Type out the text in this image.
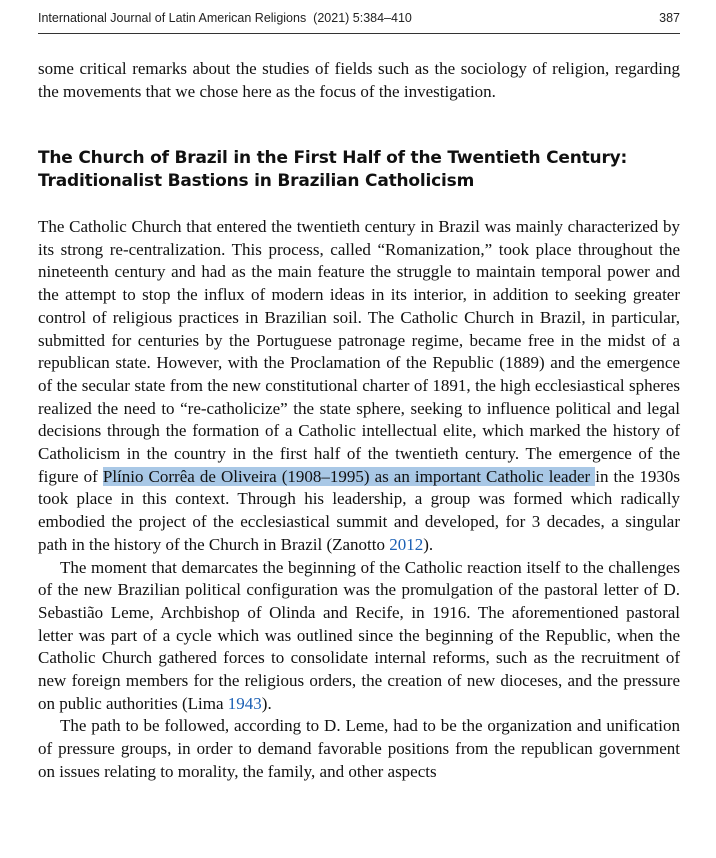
International Journal of Latin American Religions (2021) 5:384–410	387
some critical remarks about the studies of fields such as the sociology of religion, regarding the movements that we chose here as the focus of the investigation.
The Church of Brazil in the First Half of the Twentieth Century:
Traditionalist Bastions in Brazilian Catholicism

The Catholic Church that entered the twentieth century in Brazil was mainly characterized by its strong re-centralization. This process, called “Romanization,” took place throughout the nineteenth century and had as the main feature the struggle to maintain temporal power and the attempt to stop the influx of modern ideas in its interior, in addition to seeking greater control of religious practices in Brazilian soil. The Catholic Church in Brazil, in particular, submitted for centuries by the Portuguese patronage regime, became free in the midst of a republican state. However, with the Proclamation of the Republic (1889) and the emergence of the secular state from the new constitutional charter of 1891, the high ecclesiastical spheres realized the need to “re-catholicize” the state sphere, seeking to influence political and legal decisions through the formation of a Catholic intellectual elite, which marked the history of Catholicism in the country in the first half of the twentieth century. The emergence of the figure of Plínio Corrêa de Oliveira (1908–1995) as an important Catholic leader in the 1930s took place in this context. Through his leadership, a group was formed which radically embodied the project of the ecclesiastical summit and developed, for 3 decades, a singular path in the history of the Church in Brazil (Zanotto 2012).

The moment that demarcates the beginning of the Catholic reaction itself to the challenges of the new Brazilian political configuration was the promulgation of the pastoral letter of D. Sebastião Leme, Archbishop of Olinda and Recife, in 1916. The aforementioned pastoral letter was part of a cycle which was outlined since the beginning of the Republic, when the Catholic Church gathered forces to consolidate internal reforms, such as the recruitment of new foreign members for the religious orders, the creation of new dioceses, and the pressure on public authorities (Lima 1943).

The path to be followed, according to D. Leme, had to be the organization and unification of pressure groups, in order to demand favorable positions from the republican government on issues relating to morality, the family, and other aspects
